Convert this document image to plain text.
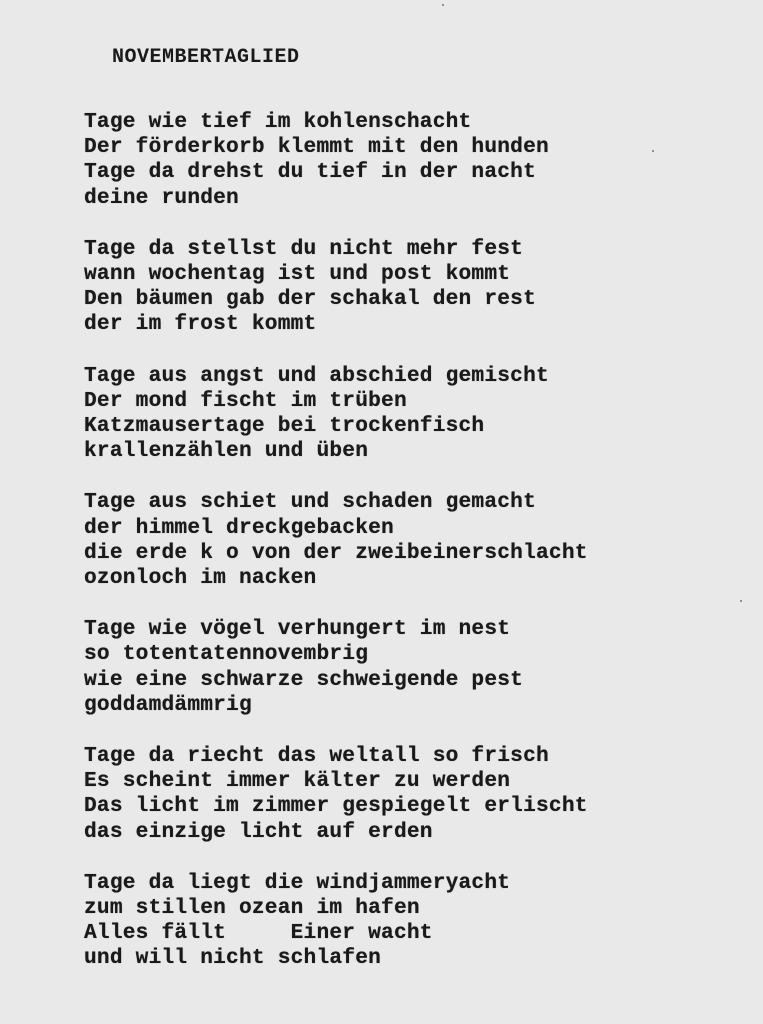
NOVEMBERTAGLIED
Tage wie tief im kohlenschacht
Der förderkorb klemmt mit den hunden
Tage da drehst du tief in der nacht
deine runden
Tage da stellst du nicht mehr fest
wann wochentag ist und post kommt
Den bäumen gab der schakal den rest
der im frost kommt
Tage aus angst und abschied gemischt
Der mond fischt im trüben
Katzmausertage bei trockenfisch
krallenzählen und üben
Tage aus schiet und schaden gemacht
der himmel dreckgebacken
die erde k o von der zweibeinerschlacht
ozonloch im nacken
Tage wie vögel verhungert im nest
so totentatennovembrig
wie eine schwarze schweigende pest
goddamdämmrig
Tage da riecht das weltall so frisch
Es scheint immer kälter zu werden
Das licht im zimmer gespiegelt erlischt
das einzige licht auf erden
Tage da liegt die windjammeryacht
zum stillen ozean im hafen
Alles fällt     Einer wacht
und will nicht schlafen
